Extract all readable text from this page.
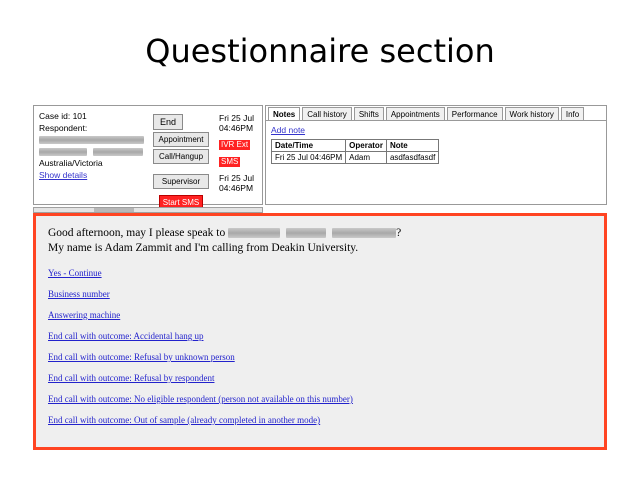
Questionnaire section
Case id: 101
Respondent:

Australia/Victoria
Show details
End
Appointment
Call/Hangup
Supervisor
Start SMS
Fri 25 Jul
04:46PM
IVR Ext
SMS
Fri 25 Jul
04:46PM
Notes	Call history	Shifts	Appointments	Performance	Work history	Info
Add note
Date/Time	Operator	Note
Fri 25 Jul 04:46PM	Adam	asdfasdfasdf
Good afternoon, may I please speak to	?
My name is Adam Zammit and I'm calling from Deakin University.
Yes - Continue
Business number
Answering machine
End call with outcome: Accidental hang up
End call with outcome: Refusal by unknown person
End call with outcome: Refusal by respondent
End call with outcome: No eligible respondent (person not available on this number)
End call with outcome: Out of sample (already completed in another mode)
